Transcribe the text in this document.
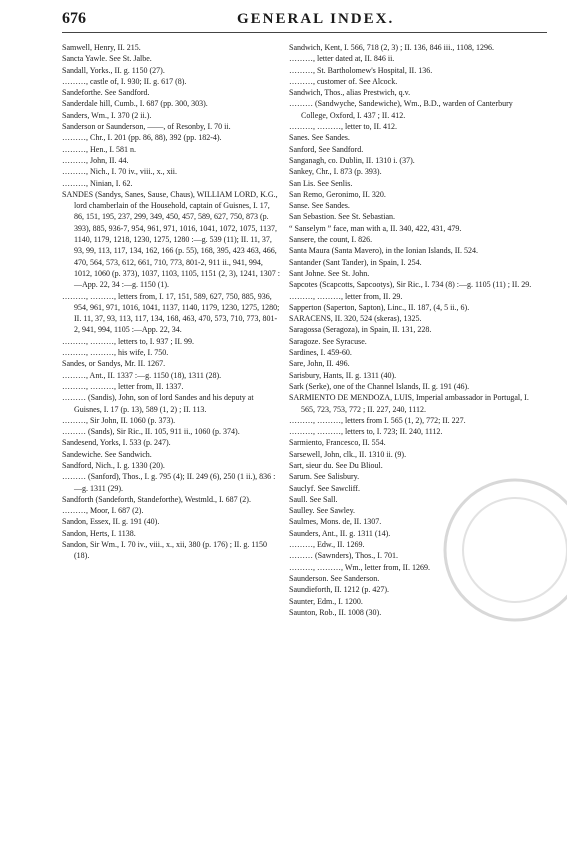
676	GENERAL INDEX.
Samwell, Henry, II. 215.
Sancta Yawle. See St. Jalbe.
Sandall, Yorks., II. g. 1150 (27).
………, castle of, I. 930; II. g. 617 (8).
Sandeforthe. See Sandford.
Sanderdale hill, Cumb., I. 687 (pp. 300, 303).
Sanders, Wm., I. 370 (2 ii.).
Sanderson or Saunderson, ——, of Resonby, I. 70 ii.
………, Chr., I. 201 (pp. 86, 88), 392 (pp. 182-4).
………, Hen., I. 581 n.
………, John, II. 44.
………, Nich., I. 70 iv., viii., x., xii.
………, Ninian, I. 62.
SANDES (Sandys, Sanes, Sause, Chaus), WILLIAM LORD, K.G., lord chamberlain of the Household, captain of Guisnes, I. 17, 86, 151, 195, 237, 299, 349, 450, 457, 589, 627, 750, 873 (p. 393), 885, 936-7, 954, 961, 971, 1016, 1041, 1072, 1075, 1137, 1140, 1179, 1218, 1230, 1275, 1280 :—g. 539 (11); II. 11, 37, 93, 99, 113, 117, 134, 162, 166 (p. 55), 168, 395, 423 463, 466, 470, 564, 573, 612, 661, 710, 773, 801-2, 911 ii., 941, 994, 1012, 1060 (p. 373), 1037, 1103, 1105, 1151 (2, 3), 1241, 1307 :—App. 22, 34 :—g. 1150 (1).
………, ………, letters from, I. 17, 151, 589, 627, 750, 885, 936, 954, 961, 971, 1016, 1041, 1137, 1140, 1179, 1230, 1275, 1280; II. 11, 37, 93, 113, 117, 134, 168, 463, 470, 573, 710, 773, 801-2, 941, 994, 1105 :—App. 22, 34.
………, ………, letters to, I. 937 ; II. 99.
………, ………, his wife, I. 750.
Sandes, or Sandys, Mr. II. 1267.
………, Ant., II. 1337 :—g. 1150 (18), 1311 (28).
………, ………, letter from, II. 1337.
……… (Sandis), John, son of lord Sandes and his deputy at Guisnes, I. 17 (p. 13), 589 (1, 2) ; II. 113.
………, Sir John, II. 1060 (p. 373).
……… (Sands), Sir Ric., II. 105, 911 ii., 1060 (p. 374).
Sandesend, Yorks, I. 533 (p. 247).
Sandewiche. See Sandwich.
Sandford, Nich., I. g. 1330 (20).
……… (Sanford), Thos., I. g. 795 (4); II. 249 (6), 250 (1 ii.), 836 :—g. 1311 (29).
Sandforth (Sandeforth, Standeforthe), Westmld., I. 687 (2).
………, Moor, I. 687 (2).
Sandon, Essex, II. g. 191 (40).
Sandon, Herts, I. 1138.
Sandon, Sir Wm., I. 70 iv., viii., x., xii, 380 (p. 176) ; II. g. 1150 (18).
Sandwich, Kent, I. 566, 718 (2, 3) ; II. 136, 846 iii., 1108, 1296.
………, letter dated at, II. 846 ii.
………, St. Bartholomew's Hospital, II. 136.
………, customer of. See Alcock.
Sandwich, Thos., alias Prestwich, q.v.
……… (Sandwyche, Sandewiche), Wm., B.D., warden of Canterbury College, Oxford, I. 437 ; II. 412.
………, ………, letter to, II. 412.
Sanes. See Sandes.
Sanford, See Sandford.
Sanganagh, co. Dublin, II. 1310 i. (37).
Sankey, Chr., I. 873 (p. 393).
San Lis. See Senlis.
San Remo, Geronimo, II. 320.
Sanse. See Sandes.
San Sebastion. See St. Sebastian.
“ Sanselym ” face, man with a, II. 340, 422, 431, 479.
Sansere, the count, I. 826.
Santa Maura (Santa Mavero), in the Ionian Islands, II. 524.
Santander (Sant Tander), in Spain, I. 254.
Sant Johne. See St. John.
Sapcotes (Scapcotts, Sapcootys), Sir Ric., I. 734 (8) :—g. 1105 (11) ; II. 29.
………, ………, letter from, II. 29.
Sapperton (Saperton, Sapton), Linc., II. 187, (4, 5 ii., 6).
SARACENS, II. 320, 524 (skeras), 1325.
Saragossa (Seragoza), in Spain, II. 131, 228.
Saragoze. See Syracuse.
Sardines, I. 459-60.
Sare, John, II. 496.
Sarisbury, Hants, II. g. 1311 (40).
Sark (Serke), one of the Channel Islands, II. g. 191 (46).
SARMIENTO DE MENDOZA, LUIS, Imperial ambassador in Portugal, I. 565, 723, 753, 772 ; II. 227, 240, 1112.
………, ………, letters from I. 565 (1, 2), 772; II. 227.
………, ………, letters to, I. 723; II. 240, 1112.
Sarmiento, Francesco, II. 554.
Sarsewell, John, clk., II. 1310 ii. (9).
Sart, sieur du. See Du Blioul.
Sarum. See Salisbury.
Sauclyf. See Sawcliff.
Saull. See Sall.
Saulley. See Sawley.
Saulmes, Mons. de, II. 1307.
Saunders, Ant., II. g. 1311 (14).
………, Edw., II. 1269.
……… (Sawnders), Thos., I. 701.
………, ………, Wm., letter from, II. 1269.
Saunderson. See Sanderson.
Saundieforth, II. 1212 (p. 427).
Saunter, Edm., I. 1200.
Saunton, Rob., II. 1008 (30).
